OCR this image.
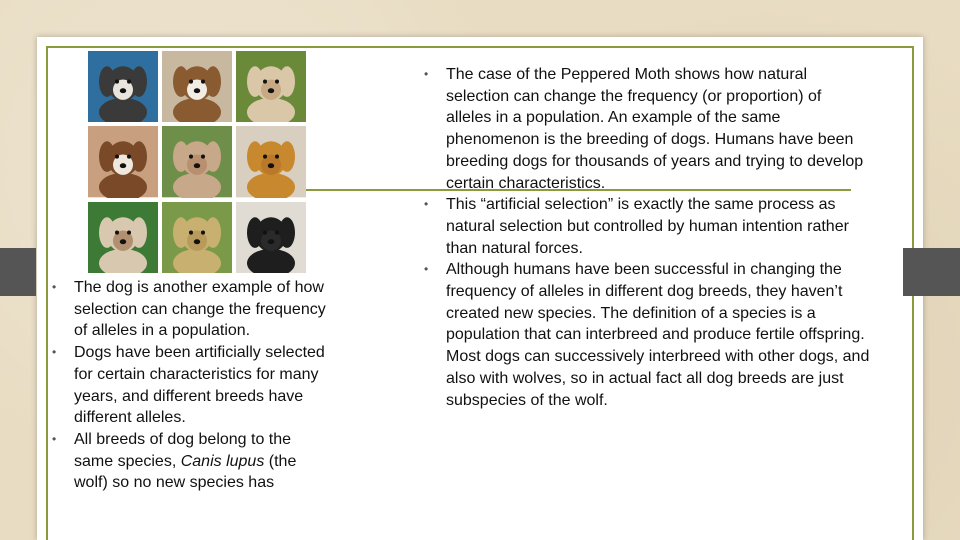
• The dog is another example of how selection can change the frequency of alleles in a population.
• Dogs have been artificially selected for certain characteristics for many years, and different breeds have different alleles.
• All breeds of dog belong to the same species, Canis lupus (the wolf) so no new species has
• The case of the Peppered Moth shows how natural selection can change the frequency (or proportion) of alleles in a population. An example of the same phenomenon is the breeding of dogs. Humans have been breeding dogs for thousands of years and trying to develop certain characteristics.
• This “artificial selection” is exactly the same process as natural selection but controlled by human intention rather than natural forces.
• Although humans have been successful in changing the frequency of alleles in different dog breeds, they haven’t created new species. The definition of a species is a population that can interbreed and produce fertile offspring. Most dogs can successively interbreed with other dogs, and also with wolves, so in actual fact all dog breeds are just subspecies of the wolf.
